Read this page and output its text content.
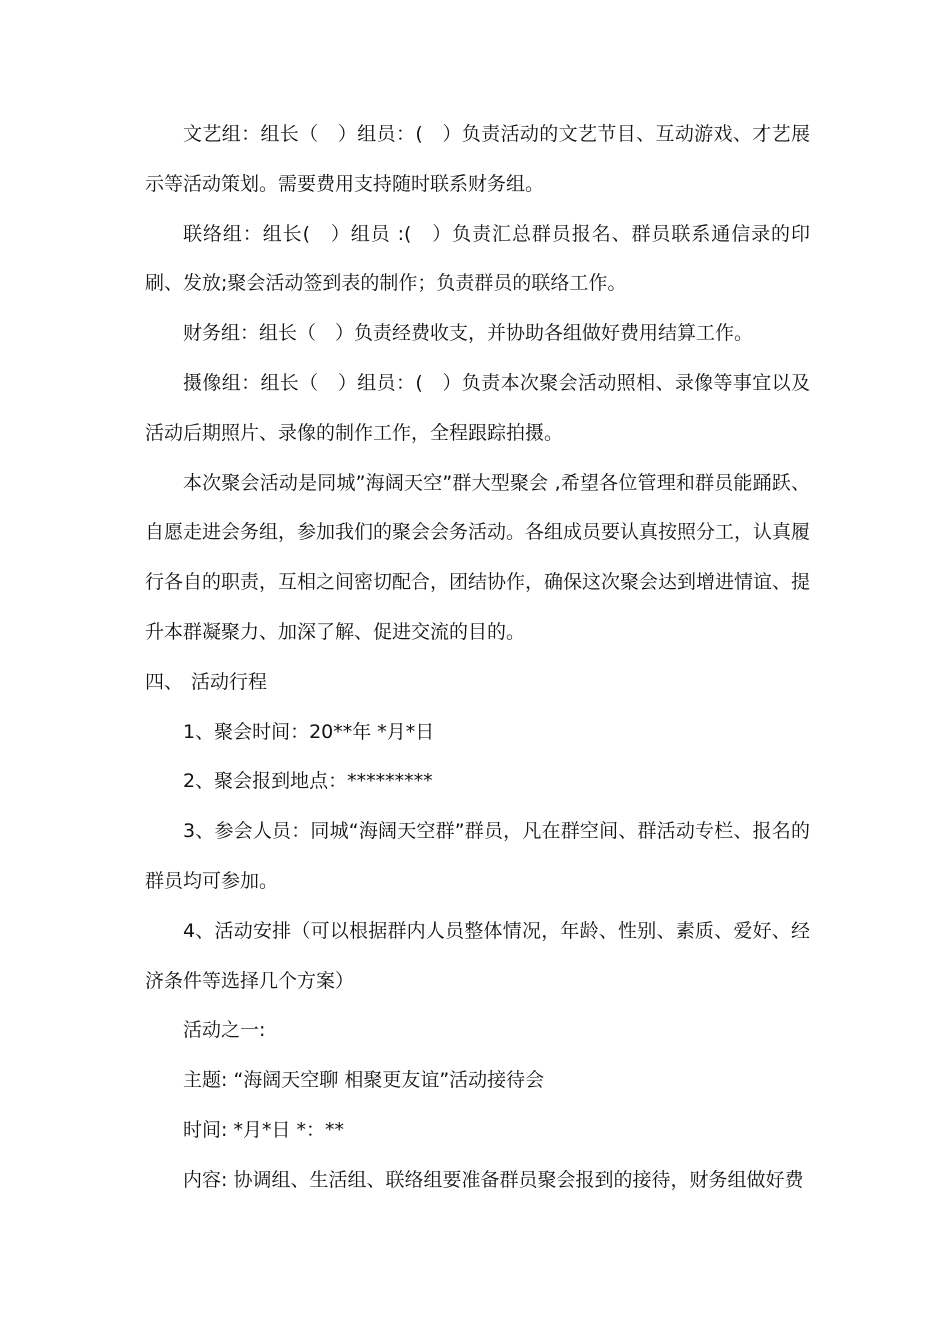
文艺组：组长（　）组员：(　）负责活动的文艺节目、互动游戏、才艺展示等活动策划。需要费用支持随时联系财务组。

联络组：组长(　）组员 :(　）负责汇总群员报名、群员联系通信录的印刷、发放;聚会活动签到表的制作；负责群员的联络工作。

财务组：组长（　）负责经费收支，并协助各组做好费用结算工作。

摄像组：组长（　）组员：(　）负责本次聚会活动照相、录像等事宜以及活动后期照片、录像的制作工作，全程跟踪拍摄。

本次聚会活动是同城”海阔天空”群大型聚会 ,希望各位管理和群员能踊跃、自愿走进会务组，参加我们的聚会会务活动。各组成员要认真按照分工，认真履行各自的职责，互相之间密切配合，团结协作，确保这次聚会达到增进情谊、提升本群凝聚力、加深了解、促进交流的目的。

四、 活动行程

1、聚会时间：20**年 *月*日

2、聚会报到地点：*********

3、参会人员：同城“海阔天空群”群员，凡在群空间、群活动专栏、报名的群员均可参加。

4、活动安排（可以根据群内人员整体情况，年龄、性别、素质、爱好、经济条件等选择几个方案）

活动之一:

主题: “海阔天空聊 相聚更友谊”活动接待会

时间: *月*日 *：**

内容: 协调组、生活组、联络组要准备群员聚会报到的接待，财务组做好费
